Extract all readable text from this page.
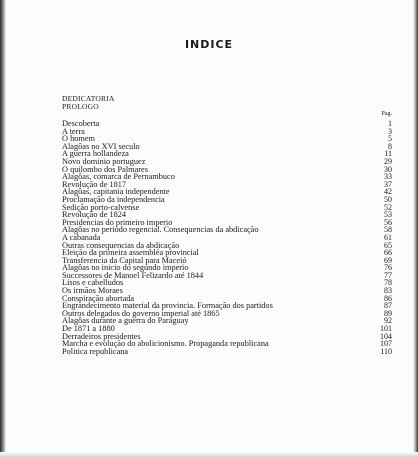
INDICE
DEDICATORIA
PROLOGO
Pag.
Descoberta	1
A terra	3
O homem	5
Alagôas no XVI seculo	8
A guerra hollandeza	11
Novo dominio portuguez	29
O quilombo dos Palmares	30
Alagôas, comarca de Pernambuco	33
Revolução de 1817	37
Alagôas, capitania independente	42
Proclamação da independencia	50
Sedição porto-calvense	52
Revolução de 1824	53
Presidencias do primeiro imperio	56
Alagôas no periodo regencial. Consequencias da abdicação	58
A cabanada	61
Outras consequencias da abdicação	65
Eleição da primeira assembléa provincial	66
Transferencia da Capital para Maceió	69
Alagôas no inicio do segundo imperio	76
Successores de Manoel Felizardo até 1844	77
Lisos e cabelludos	78
Os irmãos Moraes	83
Conspiração abortada	86
Engrandecimento material da provincia. Formação dos partidos	87
Outros delegados do governo imperial até 1865	89
Alagôas durante a guerra do Paraguay	92
De 1871 a 1880	101
Derradeiros presidentes	104
Marcha e evolução do abolicionismo. Propaganda republicana	107
Politica republicana	110
